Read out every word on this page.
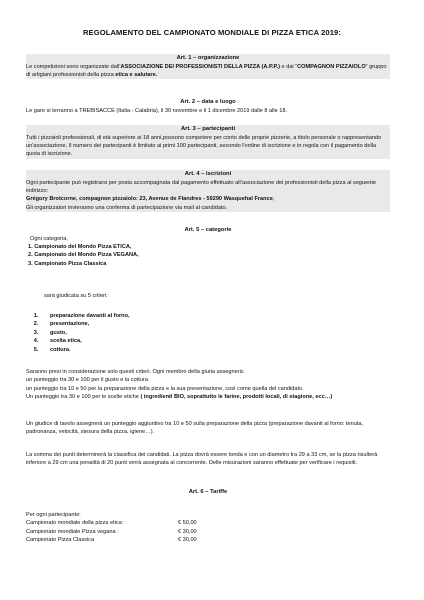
REGOLAMENTO DEL CAMPIONATO MONDIALE DI PIZZA ETICA 2019:
Art. 1 – organizzazione
Le competizioni sono organizzate dall’ASSOCIAZIONE DEI PROFESSIONISTI DELLA PIZZA (A.P.P.) e dai “COMPAGNON PIZZAIOLO” gruppo di artigiani professionisti della pizza etica e salutare.
Art. 2 – data e luogo
Le gare si terranno a TREBISACCE (Italia - Calabria), il 30 novembre e il 1 dicembre 2019 dalle 8 alle 18.
Art. 3 – partecipanti
Tutti i pizzaioli professionali, di età superiore ai 18 anni,possono competere per conto delle proprie pizzerie, a titolo personale o rappresentando un'associazione. Il numero dei partecipanti è limitato ai primi 100 partecipanti, secondo l'ordine di iscrizione e in regola con il pagamento della quota di iscrizione.
Art. 4 – iscrizioni
Ogni partecipante può registrarsi per posta accompagnata dal pagamento effettuato all’associazione dei professionisti della pizza al seguente indirizzo:
Grégory Brotcorne, compagnon pizzaiolo: 23, Avenue de Flandres - 59290 Wasquehal France,
Gli organizzatori invieranno una conferma di partecipazione via mail al candidato.
Art. 5 – categorie
Ogni categoria,
1. Campionato del Mondo Pizza ETICA,
2. Campionato del Mondo Pizza VEGANA,
3. Campionato Pizza Classica
sarà giudicata su 5 criteri:
1. preparazione davanti al forno,
2. presentazione,
3. gusto,
4. scelta etica,
5. cottura.
Saranno presi in considerazione solo questi criteri. Ogni membro della giuria assegnerà:
un punteggio tra 30 e 100 per il gusto e la cottura.
un punteggio tra 10 e 50 per la preparazione della pizza e la sua presentazione, così come quella del candidato.
Un punteggio tra 30 e 100 per le scelte etiche ( ingredienti BIO, soprattutto le farine, prodotti locali, di stagione, ecc…)
Un giudice di tavolo assegnerà un punteggio aggiuntivo tra 10 e 50 sulla preparazione della pizza (preparazione davanti al forno: tenuta, padronanza, velocità, stesura della pizza, igiene…).
La somma dei punti determinerà la classifica dei candidati. La pizza dovrà essere tonda e con un diametro tra 29 a 33 cm, se la pizza risulterà inferiore a 29 cm una penalità di 20 punti verrà assegnata al concorrente. Delle misurazioni saranno effettuate per verificare i requisiti.
Art. 6 – Tariffe
Per ogni partecipante:
Campionato mondiale della pizza etica:	€ 50,00
Campionato mondiale Pizza vegana :	€ 30,00
Campionato Pizza Classica	€ 30,00
